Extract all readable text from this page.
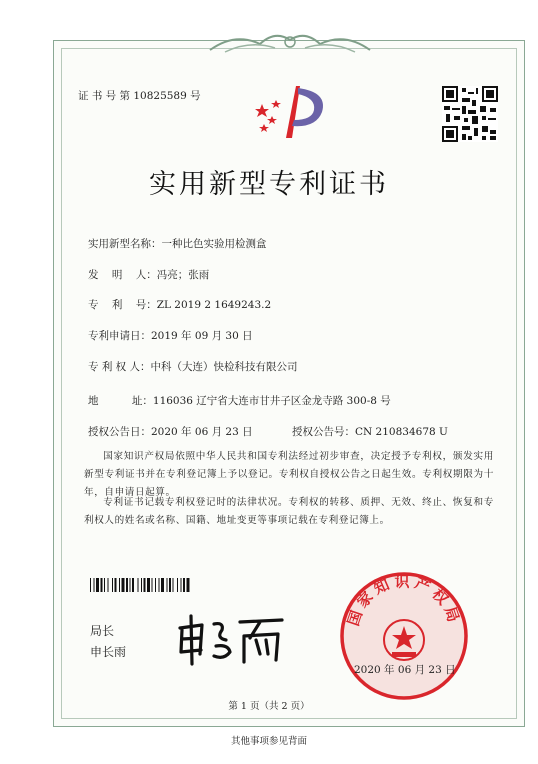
证 书 号 第 10825589 号
实用新型专利证书
实用新型名称：一种比色实验用检测盒
发    明    人：冯亮；张雨
专    利    号：ZL 2019 2 1649243.2
专利申请日：2019 年 09 月 30 日
专 利 权 人：中科（大连）快检科技有限公司
地          址：116036 辽宁省大连市甘井子区金龙寺路 300-8 号
授权公告日：2020 年 06 月 23 日	授权公告号：CN 210834678 U
国家知识产权局依照中华人民共和国专利法经过初步审查，决定授予专利权，颁发实用新型专利证书并在专利登记簿上予以登记。专利权自授权公告之日起生效。专利权期限为十年，自申请日起算。
专利证书记载专利权登记时的法律状况。专利权的转移、质押、无效、终止、恢复和专利权人的姓名或名称、国籍、地址变更等事项记载在专利登记簿上。
局长
申长雨
国家知识产权局
2020 年 06 月 23 日
第 1 页（共 2 页）
其他事项参见背面
